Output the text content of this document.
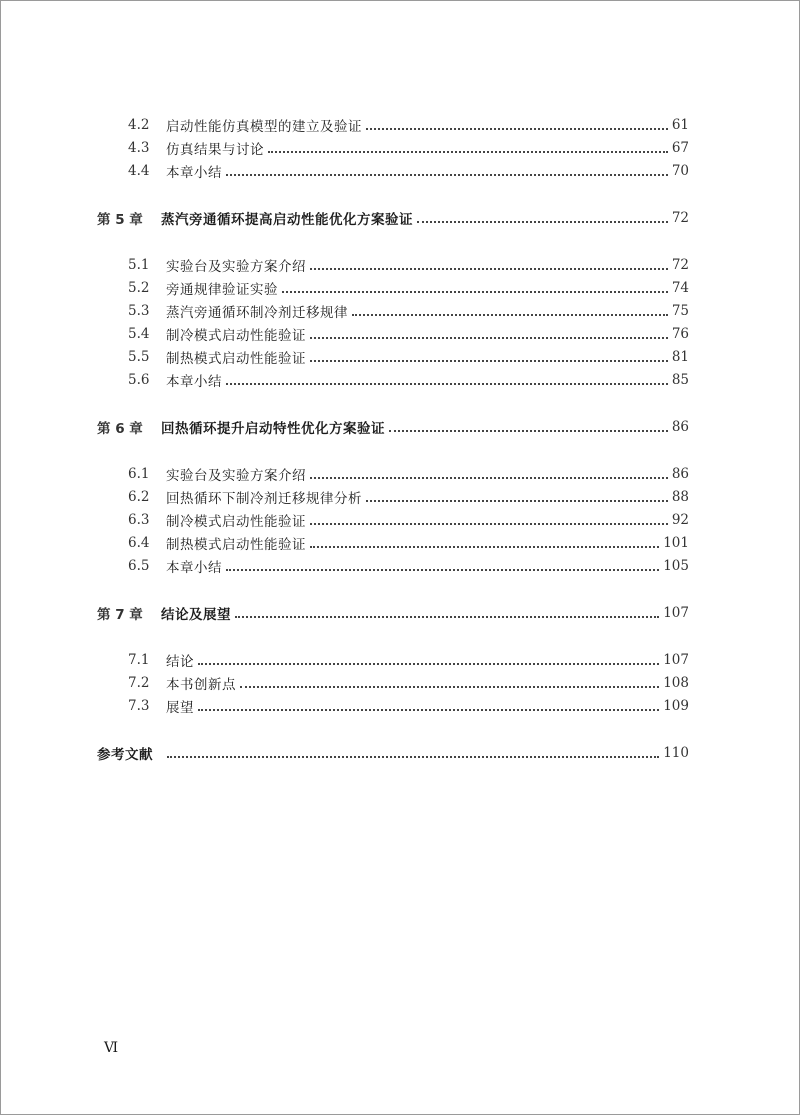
4.2	启动性能仿真模型的建立及验证	61
4.3	仿真结果与讨论	67
4.4	本章小结	70
第 5 章	蒸汽旁通循环提高启动性能优化方案验证	72
5.1	实验台及实验方案介绍	72
5.2	旁通规律验证实验	74
5.3	蒸汽旁通循环制冷剂迁移规律	75
5.4	制冷模式启动性能验证	76
5.5	制热模式启动性能验证	81
5.6	本章小结	85
第 6 章	回热循环提升启动特性优化方案验证	86
6.1	实验台及实验方案介绍	86
6.2	回热循环下制冷剂迁移规律分析	88
6.3	制冷模式启动性能验证	92
6.4	制热模式启动性能验证	101
6.5	本章小结	105
第 7 章	结论及展望	107
7.1	结论	107
7.2	本书创新点	108
7.3	展望	109
参考文献	110
Ⅵ
